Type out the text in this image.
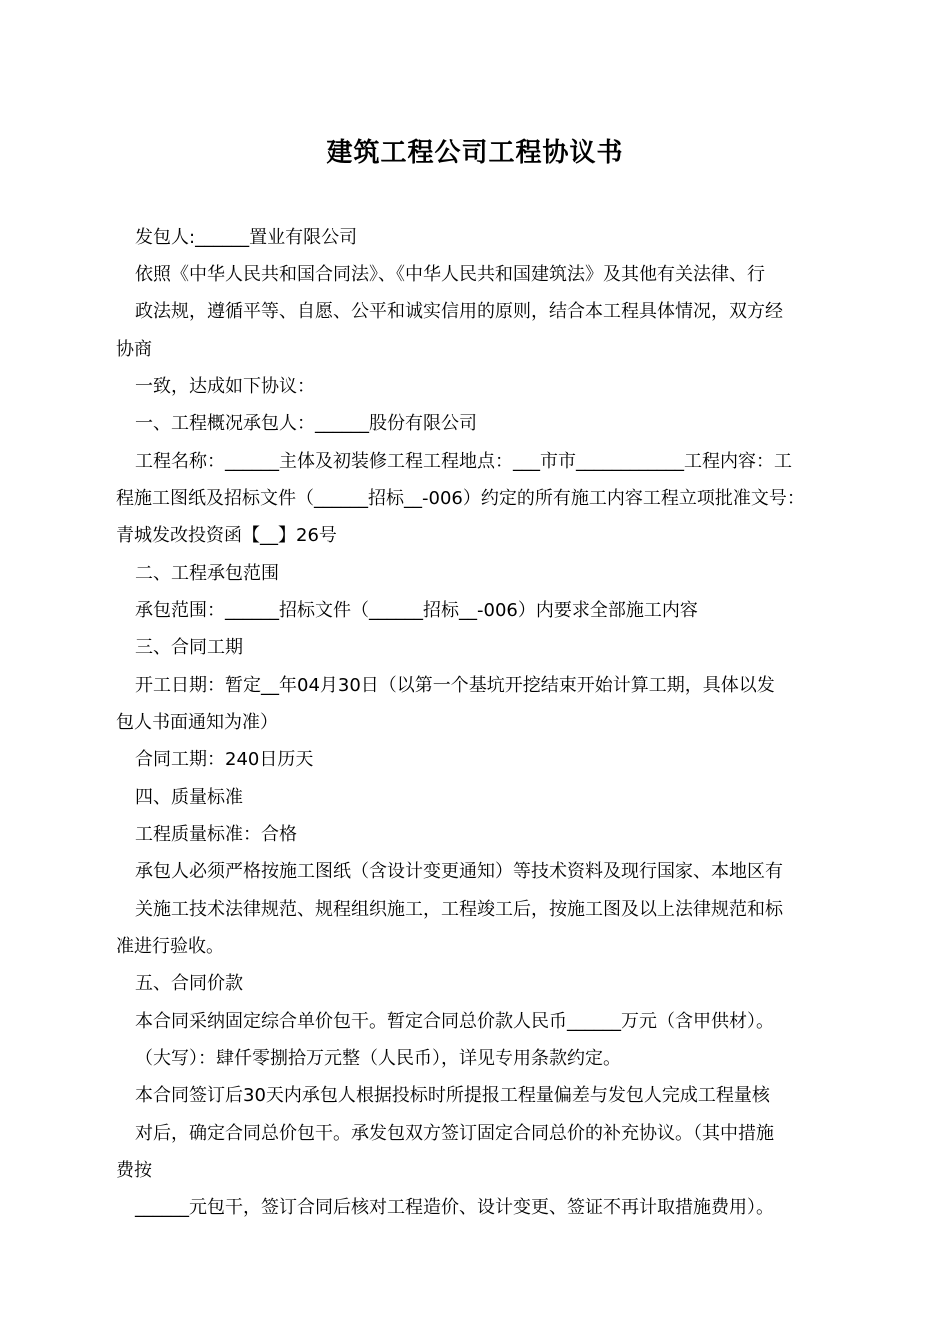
建筑工程公司工程协议书
发包人:______置业有限公司
依照《中华人民共和国合同法》、《中华人民共和国建筑法》及其他有关法律、行
政法规，遵循平等、自愿、公平和诚实信用的原则，结合本工程具体情况，双方经
协商
一致，达成如下协议：
一、工程概况承包人：______股份有限公司
工程名称：______主体及初装修工程工程地点：___市市____________工程内容：工
程施工图纸及招标文件（______招标__-006）约定的所有施工内容工程立项批准文号：
青城发改投资函【__】26号
二、工程承包范围
承包范围：______招标文件（______招标__-006）内要求全部施工内容
三、合同工期
开工日期：暂定__年04月30日（以第一个基坑开挖结束开始计算工期，具体以发
包人书面通知为准）
合同工期：240日历天
四、质量标准
工程质量标准：合格
承包人必须严格按施工图纸（含设计变更通知）等技术资料及现行国家、本地区有
关施工技术法律规范、规程组织施工，工程竣工后，按施工图及以上法律规范和标
准进行验收。
五、合同价款
本合同采纳固定综合单价包干。暂定合同总价款人民币______万元（含甲供材）。
（大写）：肆仟零捌拾万元整（人民币），详见专用条款约定。
本合同签订后30天内承包人根据投标时所提报工程量偏差与发包人完成工程量核
对后，确定合同总价包干。承发包双方签订固定合同总价的补充协议。（其中措施
费按
______元包干，签订合同后核对工程造价、设计变更、签证不再计取措施费用）。
